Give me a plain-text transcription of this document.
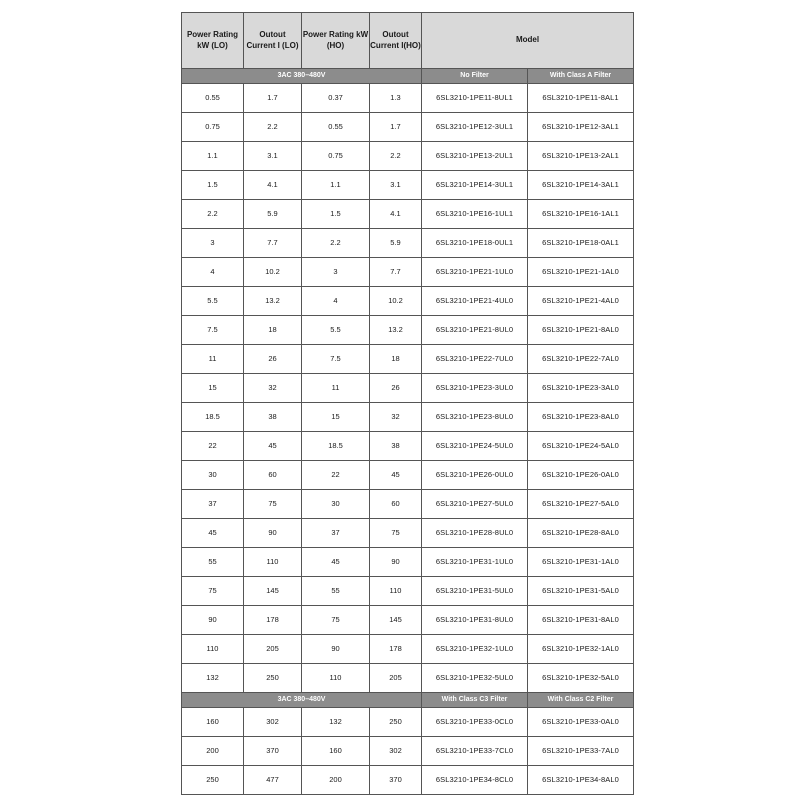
Power Rating kW (LO)	Outout Current I (LO)	Power Rating kW (HO)	Outout Current I(HO)	Model	
3AC 380–480V				No Filter	With Class A Filter
0.55	1.7	0.37	1.3	6SL3210-1PE11-8UL1	6SL3210-1PE11-8AL1
0.75	2.2	0.55	1.7	6SL3210-1PE12-3UL1	6SL3210-1PE12-3AL1
1.1	3.1	0.75	2.2	6SL3210-1PE13-2UL1	6SL3210-1PE13-2AL1
1.5	4.1	1.1	3.1	6SL3210-1PE14-3UL1	6SL3210-1PE14-3AL1
2.2	5.9	1.5	4.1	6SL3210-1PE16-1UL1	6SL3210-1PE16-1AL1
3	7.7	2.2	5.9	6SL3210-1PE18-0UL1	6SL3210-1PE18-0AL1
4	10.2	3	7.7	6SL3210-1PE21-1UL0	6SL3210-1PE21-1AL0
5.5	13.2	4	10.2	6SL3210-1PE21-4UL0	6SL3210-1PE21-4AL0
7.5	18	5.5	13.2	6SL3210-1PE21-8UL0	6SL3210-1PE21-8AL0
11	26	7.5	18	6SL3210-1PE22-7UL0	6SL3210-1PE22-7AL0
15	32	11	26	6SL3210-1PE23-3UL0	6SL3210-1PE23-3AL0
18.5	38	15	32	6SL3210-1PE23-8UL0	6SL3210-1PE23-8AL0
22	45	18.5	38	6SL3210-1PE24-5UL0	6SL3210-1PE24-5AL0
30	60	22	45	6SL3210-1PE26-0UL0	6SL3210-1PE26-0AL0
37	75	30	60	6SL3210-1PE27-5UL0	6SL3210-1PE27-5AL0
45	90	37	75	6SL3210-1PE28-8UL0	6SL3210-1PE28-8AL0
55	110	45	90	6SL3210-1PE31-1UL0	6SL3210-1PE31-1AL0
75	145	55	110	6SL3210-1PE31-5UL0	6SL3210-1PE31-5AL0
90	178	75	145	6SL3210-1PE31-8UL0	6SL3210-1PE31-8AL0
110	205	90	178	6SL3210-1PE32-1UL0	6SL3210-1PE32-1AL0
132	250	110	205	6SL3210-1PE32-5UL0	6SL3210-1PE32-5AL0
3AC 380–480V				With Class C3 Filter	With Class C2 Filter
160	302	132	250	6SL3210-1PE33-0CL0	6SL3210-1PE33-0AL0
200	370	160	302	6SL3210-1PE33-7CL0	6SL3210-1PE33-7AL0
250	477	200	370	6SL3210-1PE34-8CL0	6SL3210-1PE34-8AL0
